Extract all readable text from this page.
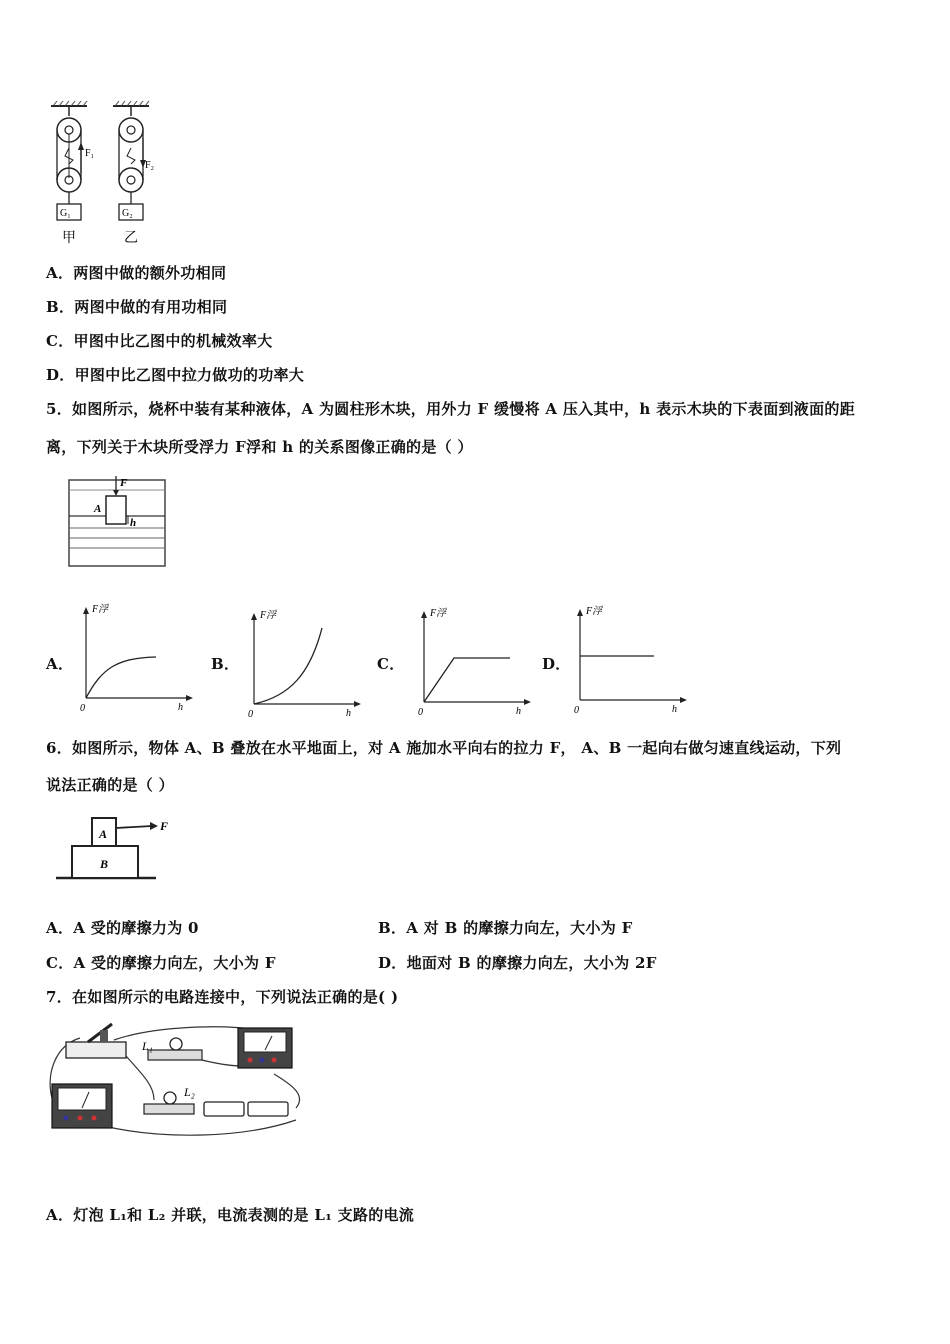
G₁	G₂
F₁
F₂
甲	乙
A．两图中做的额外功相同
B．两图中做的有用功相同
C．甲图中比乙图中的机械效率大
D．甲图中比乙图中拉力做功的功率大
5．如图所示，烧杯中装有某种液体，A 为圆柱形木块，用外力 F 缓慢将 A 压入其中，h 表示木块的下表面到液面的距
离，下列关于木块所受浮力 F浮和 h 的关系图像正确的是（ ）
F
A
h
A．
F浮
h
0
B．
F浮
h
0
C．
F浮
h
0
D．
F浮
h
0
6．如图所示，物体 A、B 叠放在水平地面上，对 A 施加水平向右的拉力 F， A、B 一起向右做匀速直线运动，下列
说法正确的是（ ）
A
B
F
A．A 受的摩擦力为 0	B．A 对 B 的摩擦力向左，大小为 F
C．A 受的摩擦力向左，大小为 F	D．地面对 B 的摩擦力向左，大小为 2F
7．在如图所示的电路连接中，下列说法正确的是( )
L₁
L₂
A．灯泡 L₁和 L₂ 并联，电流表测的是 L₁ 支路的电流
